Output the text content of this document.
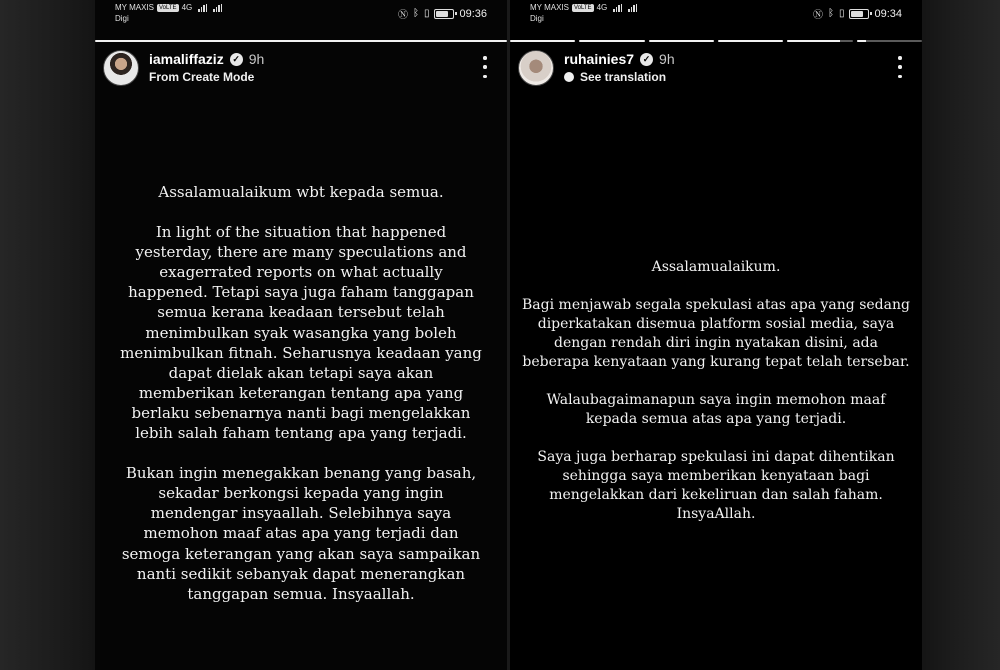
MY MAXIS VoLTE 4G
Digi	Ⓝ ᛒ ▯	09:36
iamaliffaziz ✓ 9h
From Create Mode

Assalamualaikum wbt kepada semua.

In light of the situation that happened

yesterday, there are many speculations and

exagerrated reports on what actually

happened. Tetapi saya juga faham tanggapan

semua kerana keadaan tersebut telah

menimbulkan syak wasangka yang boleh

menimbulkan fitnah. Seharusnya keadaan yang

dapat dielak akan tetapi saya akan

memberikan keterangan tentang apa yang

berlaku sebenarnya nanti bagi mengelakkan

lebih salah faham tentang apa yang terjadi.

Bukan ingin menegakkan benang yang basah,

sekadar berkongsi kepada yang ingin

mendengar insyaallah. Selebihnya saya

memohon maaf atas apa yang terjadi dan

semoga keterangan yang akan saya sampaikan

nanti sedikit sebanyak dapat menerangkan

tanggapan semua. Insyaallah.

MY MAXIS VoLTE 4G
Digi	Ⓝ ᛒ ▯	09:34
ruhainies7 ✓ 9h
See translation

Assalamualaikum.

Bagi menjawab segala spekulasi atas apa yang sedang

diperkatakan disemua platform sosial media, saya

dengan rendah diri ingin nyatakan disini, ada

beberapa kenyataan yang kurang tepat telah tersebar.

Walaubagaimanapun saya ingin memohon maaf

kepada semua atas apa yang terjadi.

Saya juga berharap spekulasi ini dapat dihentikan

sehingga saya memberikan kenyataan bagi

mengelakkan dari kekeliruan dan salah faham.

InsyaAllah.
